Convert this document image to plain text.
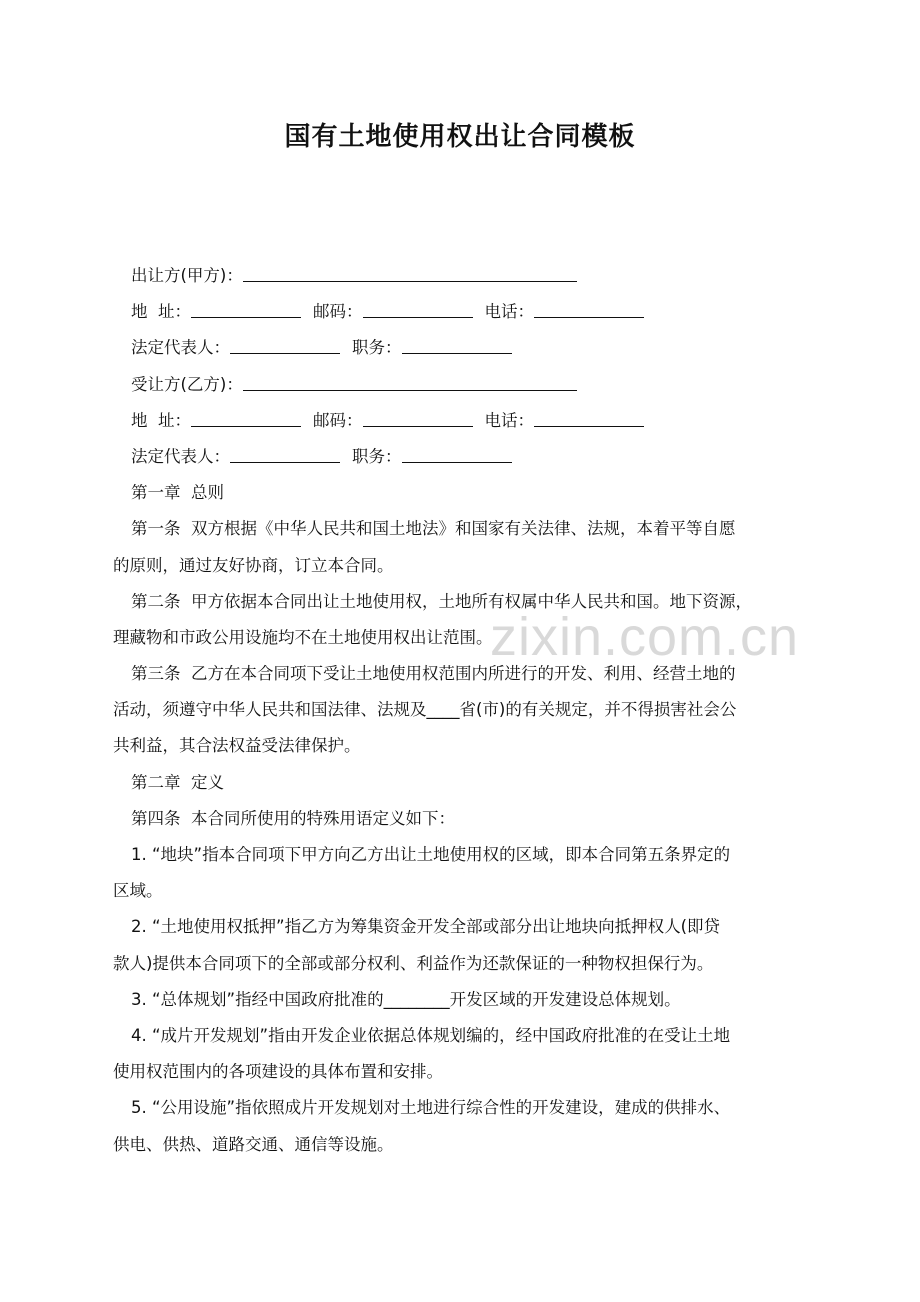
zixin.com.cn
国有土地使用权出让合同模板
出让方(甲方)：
地  址：	邮码：	电话：
法定代表人：	职务：
受让方(乙方)：
地  址：	邮码：	电话：
法定代表人：	职务：
第一章  总则
第一条  双方根据《中华人民共和国土地法》和国家有关法律、法规，本着平等自愿
的原则，通过友好协商，订立本合同。
第二条  甲方依据本合同出让土地使用权，土地所有权属中华人民共和国。地下资源，
理藏物和市政公用设施均不在土地使用权出让范围。
第三条  乙方在本合同项下受让土地使用权范围内所进行的开发、利用、经营土地的
活动，须遵守中华人民共和国法律、法规及____省(市)的有关规定，并不得损害社会公
共利益，其合法权益受法律保护。
第二章  定义
第四条  本合同所使用的特殊用语定义如下：
1. “地块”指本合同项下甲方向乙方出让土地使用权的区域，即本合同第五条界定的
区域。
2. “土地使用权抵押”指乙方为筹集资金开发全部或部分出让地块向抵押权人(即贷
款人)提供本合同项下的全部或部分权利、利益作为还款保证的一种物权担保行为。
3. “总体规划”指经中国政府批准的________开发区域的开发建设总体规划。
4. “成片开发规划”指由开发企业依据总体规划编的，经中国政府批准的在受让土地
使用权范围内的各项建设的具体布置和安排。
5. “公用设施”指依照成片开发规划对土地进行综合性的开发建设，建成的供排水、
供电、供热、道路交通、通信等设施。
